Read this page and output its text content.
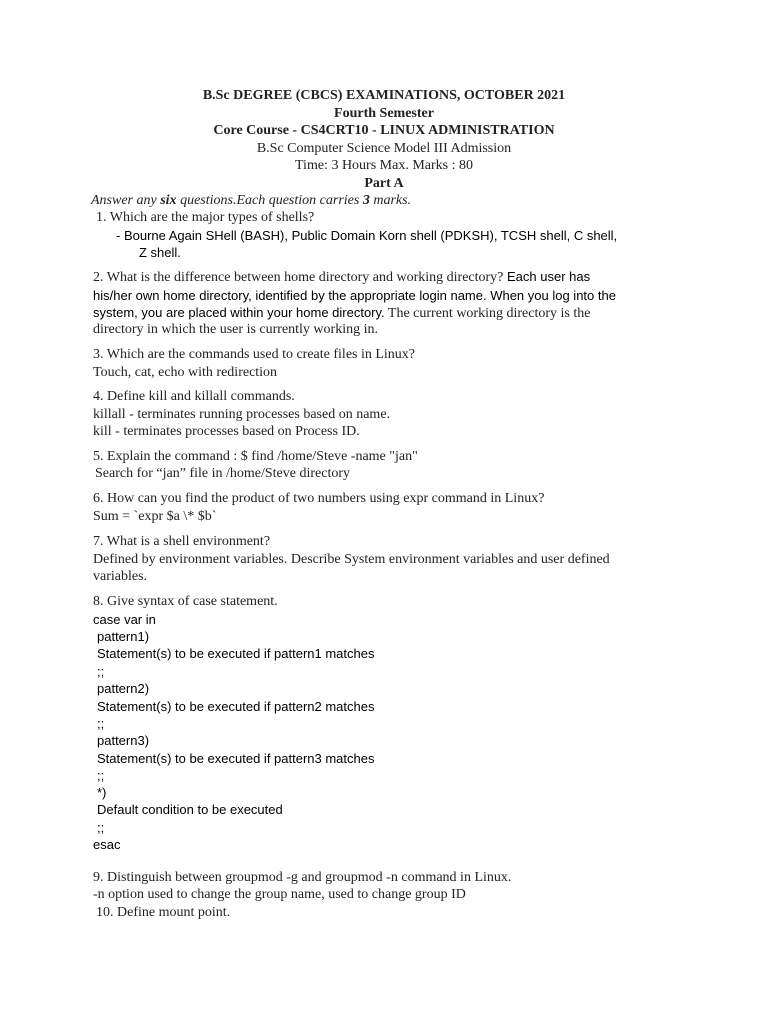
B.Sc DEGREE (CBCS) EXAMINATIONS, OCTOBER 2021
Fourth Semester
Core Course - CS4CRT10 - LINUX ADMINISTRATION
B.Sc Computer Science Model III Admission
Time: 3 Hours Max. Marks : 80
Part A
Answer any six questions.Each question carries 3 marks.
1. Which are the major types of shells?
- Bourne Again SHell (BASH), Public Domain Korn shell (PDKSH), TCSH shell, C shell,
Z shell.
2. What is the difference between home directory and working directory? Each user has
his/her own home directory, identified by the appropriate login name. When you log into the
system, you are placed within your home directory. The current working directory is the
directory in which the user is currently working in.
3. Which are the commands used to create files in Linux?
Touch, cat, echo with redirection
4. Define kill and killall commands.
killall - terminates running processes based on name.
kill - terminates processes based on Process ID.
5. Explain the command : $ find /home/Steve -name "jan"
Search for “jan” file in /home/Steve directory
6. How can you find the product of two numbers using expr command in Linux?
Sum = `expr $a \* $b`
7. What is a shell environment?
Defined by environment variables. Describe System environment variables and user defined
variables.
8. Give syntax of case statement.
case var in
pattern1)
Statement(s) to be executed if pattern1 matches
;;
pattern2)
Statement(s) to be executed if pattern2 matches
;;
pattern3)
Statement(s) to be executed if pattern3 matches
;;
*)
Default condition to be executed
;;
esac
9. Distinguish between groupmod -g and groupmod -n command in Linux.
-n option used to change the group name, used to change group ID
10. Define mount point.
